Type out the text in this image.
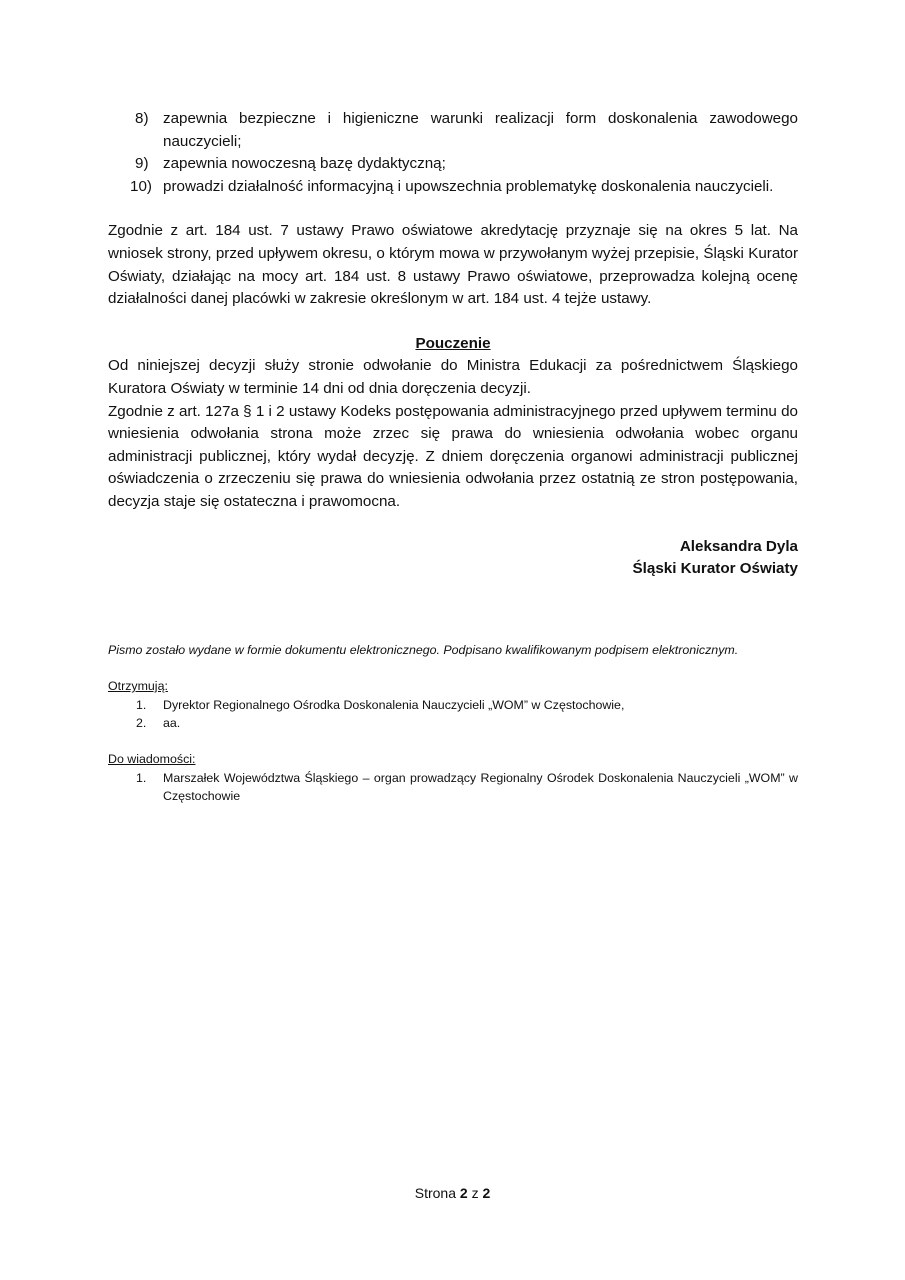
8) zapewnia bezpieczne i higieniczne warunki realizacji form doskonalenia zawodowego nauczycieli;
9) zapewnia nowoczesną bazę dydaktyczną;
10) prowadzi działalność informacyjną i upowszechnia problematykę doskonalenia nauczycieli.

Zgodnie z art. 184 ust. 7 ustawy Prawo oświatowe akredytację przyznaje się na okres 5 lat. Na wniosek strony, przed upływem okresu, o którym mowa w przywołanym wyżej przepisie, Śląski Kurator Oświaty, działając na mocy art. 184 ust. 8 ustawy Prawo oświatowe, przeprowadza kolejną ocenę działalności danej placówki w zakresie określonym w art. 184 ust. 4 tejże ustawy.

Pouczenie

Od niniejszej decyzji służy stronie odwołanie do Ministra Edukacji za pośrednictwem Śląskiego Kuratora Oświaty w terminie 14 dni od dnia doręczenia decyzji.

Zgodnie z art. 127a § 1 i 2 ustawy Kodeks postępowania administracyjnego przed upływem terminu do wniesienia odwołania strona może zrzec się prawa do wniesienia odwołania wobec organu administracji publicznej, który wydał decyzję. Z dniem doręczenia organowi administracji publicznej oświadczenia o zrzeczeniu się prawa do wniesienia odwołania przez ostatnią ze stron postępowania, decyzja staje się ostateczna i prawomocna.

Aleksandra Dyla
Śląski Kurator Oświaty

Pismo zostało wydane w formie dokumentu elektronicznego. Podpisano kwalifikowanym podpisem elektronicznym.

Otrzymują:

1. Dyrektor Regionalnego Ośrodka Doskonalenia Nauczycieli „WOM” w Częstochowie,
2. aa.

Do wiadomości:

1. Marszałek Województwa Śląskiego – organ prowadzący Regionalny Ośrodek Doskonalenia Nauczycieli „WOM” w Częstochowie
Strona 2 z 2
